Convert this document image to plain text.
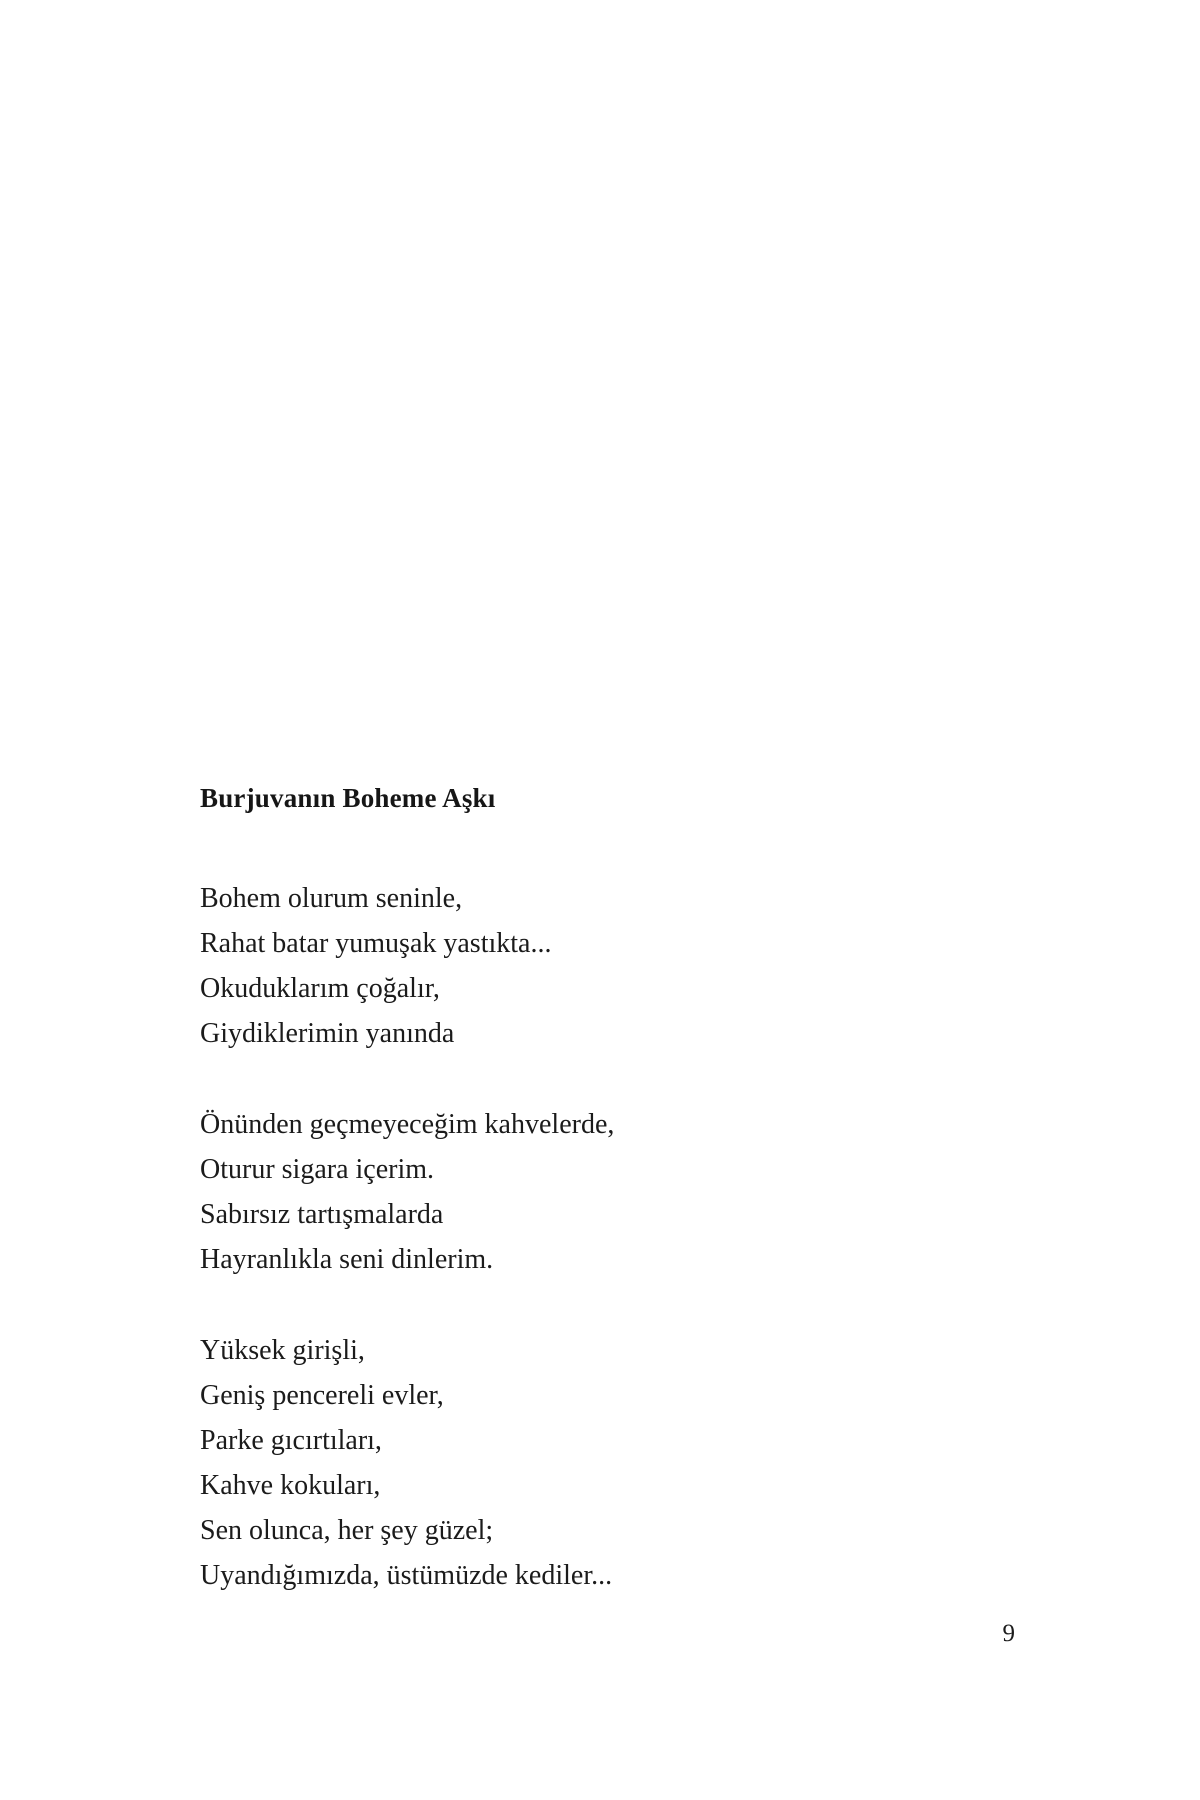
Burjuvanın Boheme Aşkı
Bohem olurum seninle,
Rahat batar yumuşak yastıkta...
Okuduklarım çoğalır,
Giydiklerimin yanında
Önünden geçmeyeceğim kahvelerde,
Oturur sigara içerim.
Sabırsız tartışmalarda
Hayranlıkla seni dinlerim.
Yüksek girişli,
Geniş pencereli evler,
Parke gıcırtıları,
Kahve kokuları,
Sen olunca, her şey güzel;
Uyandığımızda, üstümüzde kediler...
9
